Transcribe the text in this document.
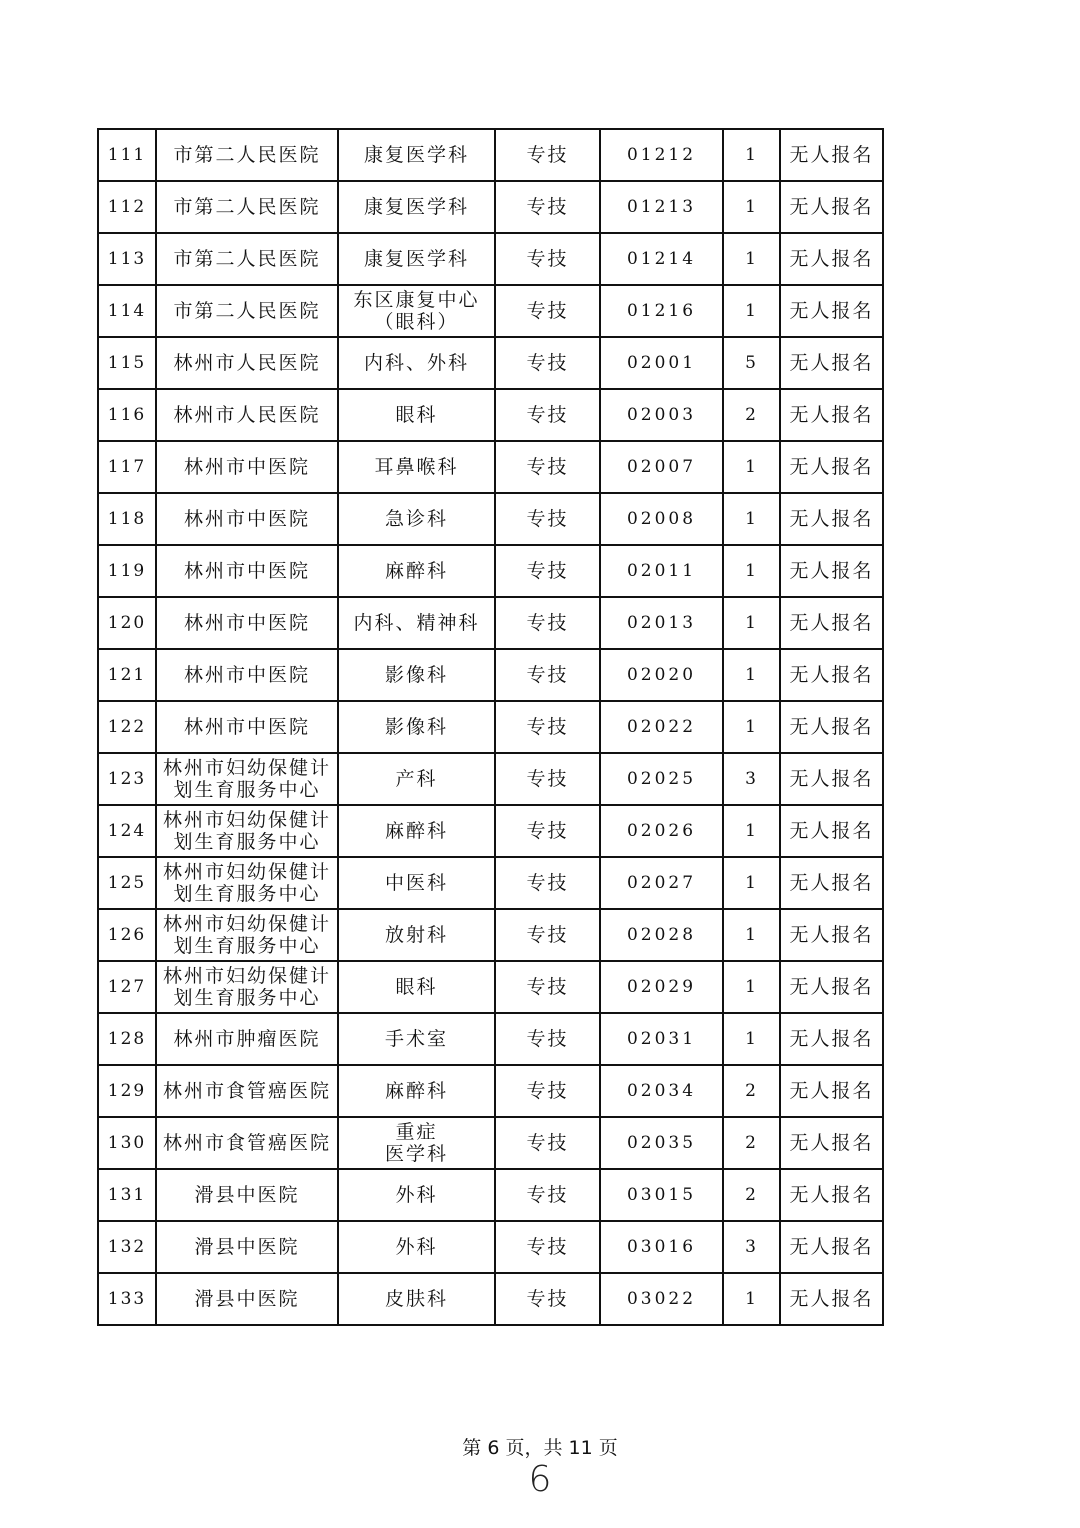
111	市第二人民医院	康复医学科	专技	01212	1	无人报名
112	市第二人民医院	康复医学科	专技	01213	1	无人报名
113	市第二人民医院	康复医学科	专技	01214	1	无人报名
114	市第二人民医院	东区康复中心
（眼科）	专技	01216	1	无人报名
115	林州市人民医院	内科、外科	专技	02001	5	无人报名
116	林州市人民医院	眼科	专技	02003	2	无人报名
117	林州市中医院	耳鼻喉科	专技	02007	1	无人报名
118	林州市中医院	急诊科	专技	02008	1	无人报名
119	林州市中医院	麻醉科	专技	02011	1	无人报名
120	林州市中医院	内科、精神科	专技	02013	1	无人报名
121	林州市中医院	影像科	专技	02020	1	无人报名
122	林州市中医院	影像科	专技	02022	1	无人报名
123	林州市妇幼保健计
划生育服务中心	产科	专技	02025	3	无人报名
124	林州市妇幼保健计
划生育服务中心	麻醉科	专技	02026	1	无人报名
125	林州市妇幼保健计
划生育服务中心	中医科	专技	02027	1	无人报名
126	林州市妇幼保健计
划生育服务中心	放射科	专技	02028	1	无人报名
127	林州市妇幼保健计
划生育服务中心	眼科	专技	02029	1	无人报名
128	林州市肿瘤医院	手术室	专技	02031	1	无人报名
129	林州市食管癌医院	麻醉科	专技	02034	2	无人报名
130	林州市食管癌医院	重症
医学科	专技	02035	2	无人报名
131	滑县中医院	外科	专技	03015	2	无人报名
132	滑县中医院	外科	专技	03016	3	无人报名
133	滑县中医院	皮肤科	专技	03022	1	无人报名
第 6 页，共 11 页
6
